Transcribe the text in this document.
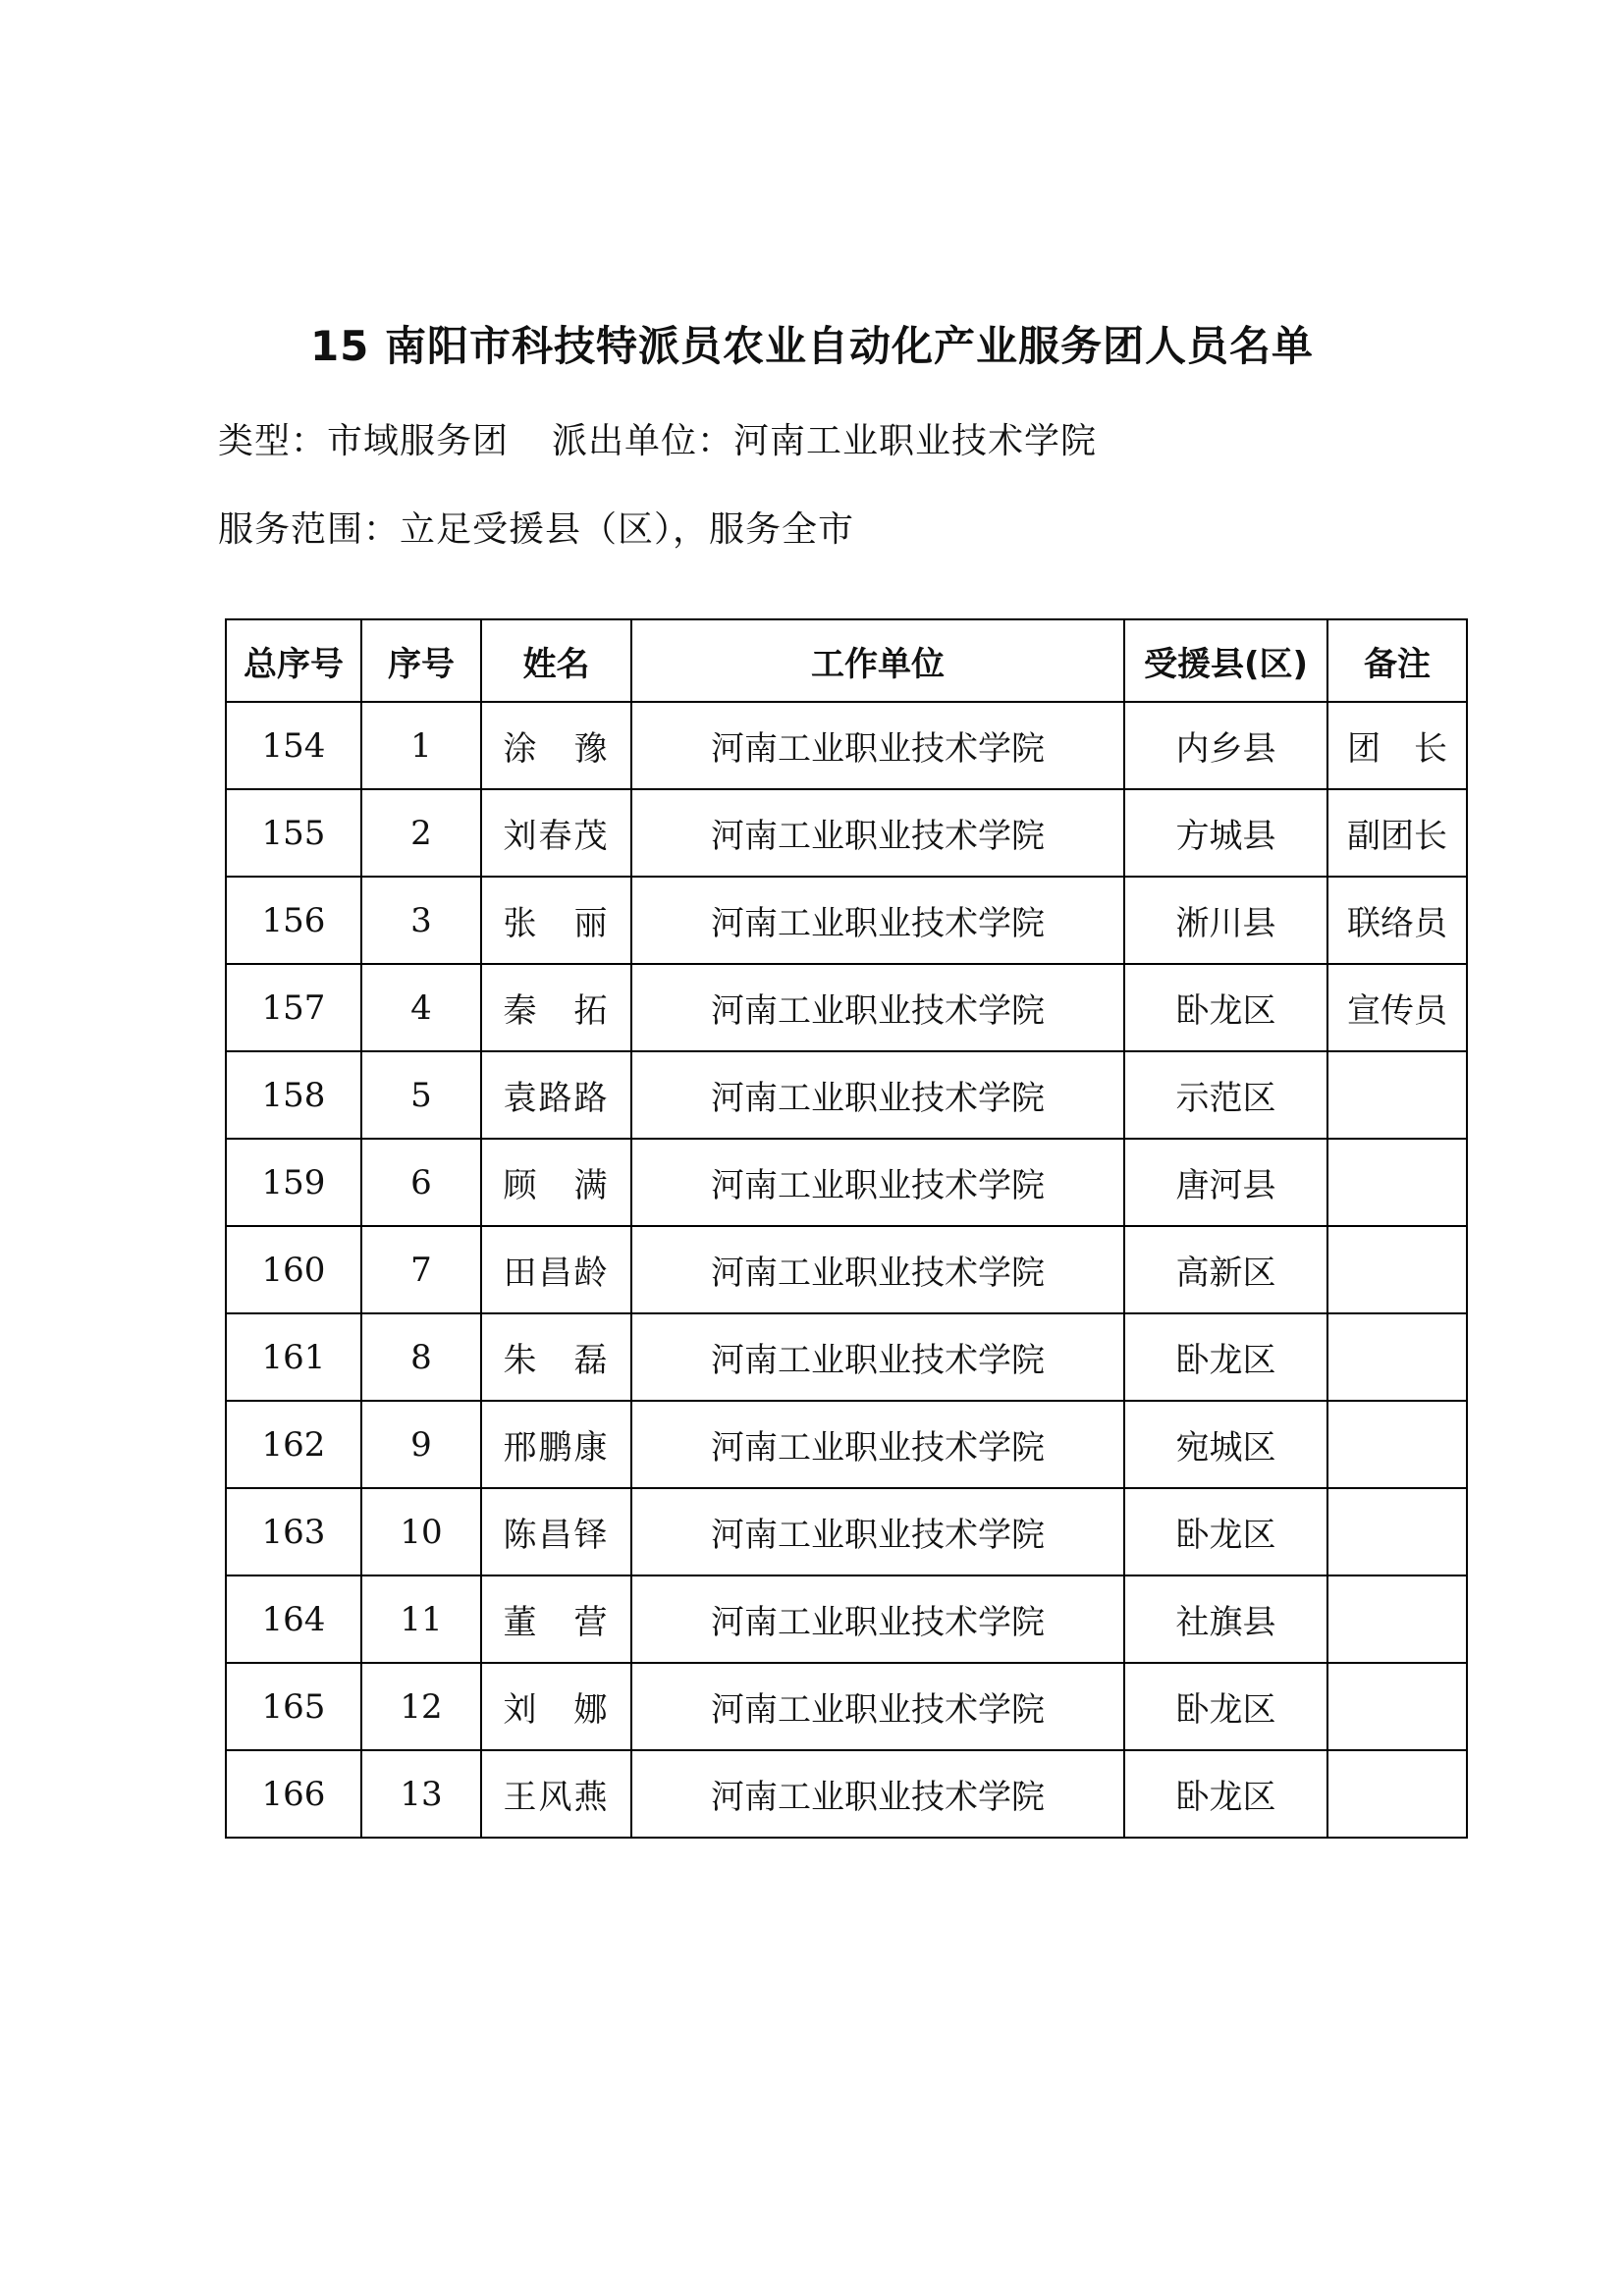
15 南阳市科技特派员农业自动化产业服务团人员名单
类型：市域服务团 派出单位：河南工业职业技术学院
服务范围：立足受援县（区），服务全市
总序号	序号	姓名	工作单位	受援县(区)	备注
154	1	涂　豫	河南工业职业技术学院	内乡县	团　长
155	2	刘春茂	河南工业职业技术学院	方城县	副团长
156	3	张　丽	河南工业职业技术学院	淅川县	联络员
157	4	秦　拓	河南工业职业技术学院	卧龙区	宣传员
158	5	袁路路	河南工业职业技术学院	示范区	
159	6	顾　满	河南工业职业技术学院	唐河县	
160	7	田昌龄	河南工业职业技术学院	高新区	
161	8	朱　磊	河南工业职业技术学院	卧龙区	
162	9	邢鹏康	河南工业职业技术学院	宛城区	
163	10	陈昌铎	河南工业职业技术学院	卧龙区	
164	11	董　营	河南工业职业技术学院	社旗县	
165	12	刘　娜	河南工业职业技术学院	卧龙区	
166	13	王风燕	河南工业职业技术学院	卧龙区	
